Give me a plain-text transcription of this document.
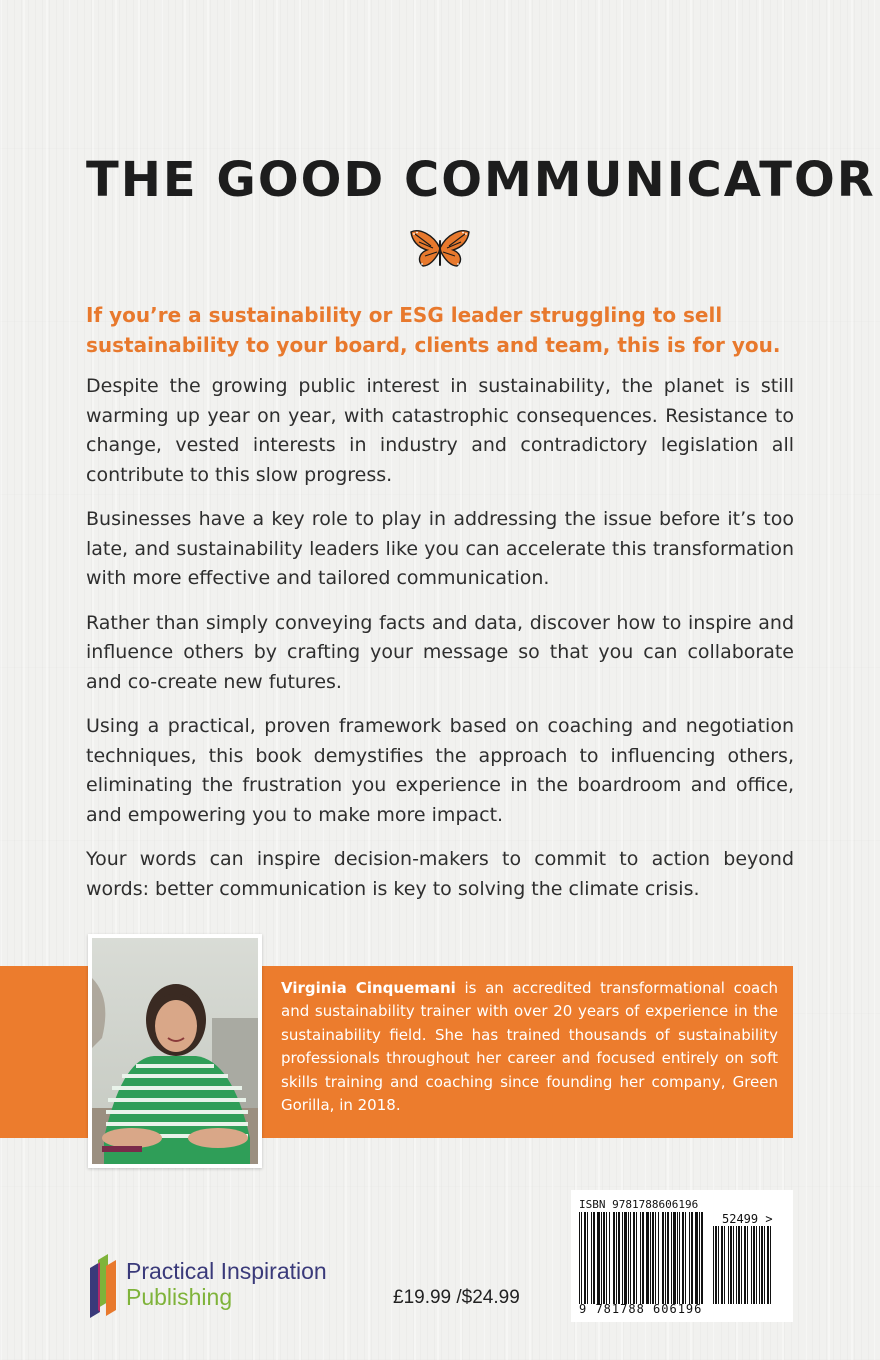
THE GOOD COMMUNICATOR
If you’re a sustainability or ESG leader struggling to sell sustainability to your board, clients and team, this is for you.

Despite the growing public interest in sustainability, the planet is still warming up year on year, with catastrophic consequences. Resistance to change, vested interests in industry and contradictory legislation all contribute to this slow progress.

Businesses have a key role to play in addressing the issue before it’s too late, and sustainability leaders like you can accelerate this transformation with more effective and tailored communication.

Rather than simply conveying facts and data, discover how to inspire and influence others by crafting your message so that you can collaborate and co-create new futures.

Using a practical, proven framework based on coaching and negotiation techniques, this book demystifies the approach to influencing others, eliminating the frustration you experience in the boardroom and office, and empowering you to make more impact.

Your words can inspire decision-makers to commit to action beyond words: better communication is key to solving the climate crisis.

Virginia Cinquemani is an accredited transformational coach and sustainability trainer with over 20 years of experience in the sustainability field. She has trained thousands of sustainability professionals throughout her career and focused entirely on soft skills training and coaching since founding her company, Green Gorilla, in 2018.
Practical Inspiration
Publishing	£19.99 /$24.99
ISBN 9781788606196
52499 >
9 781788 606196
